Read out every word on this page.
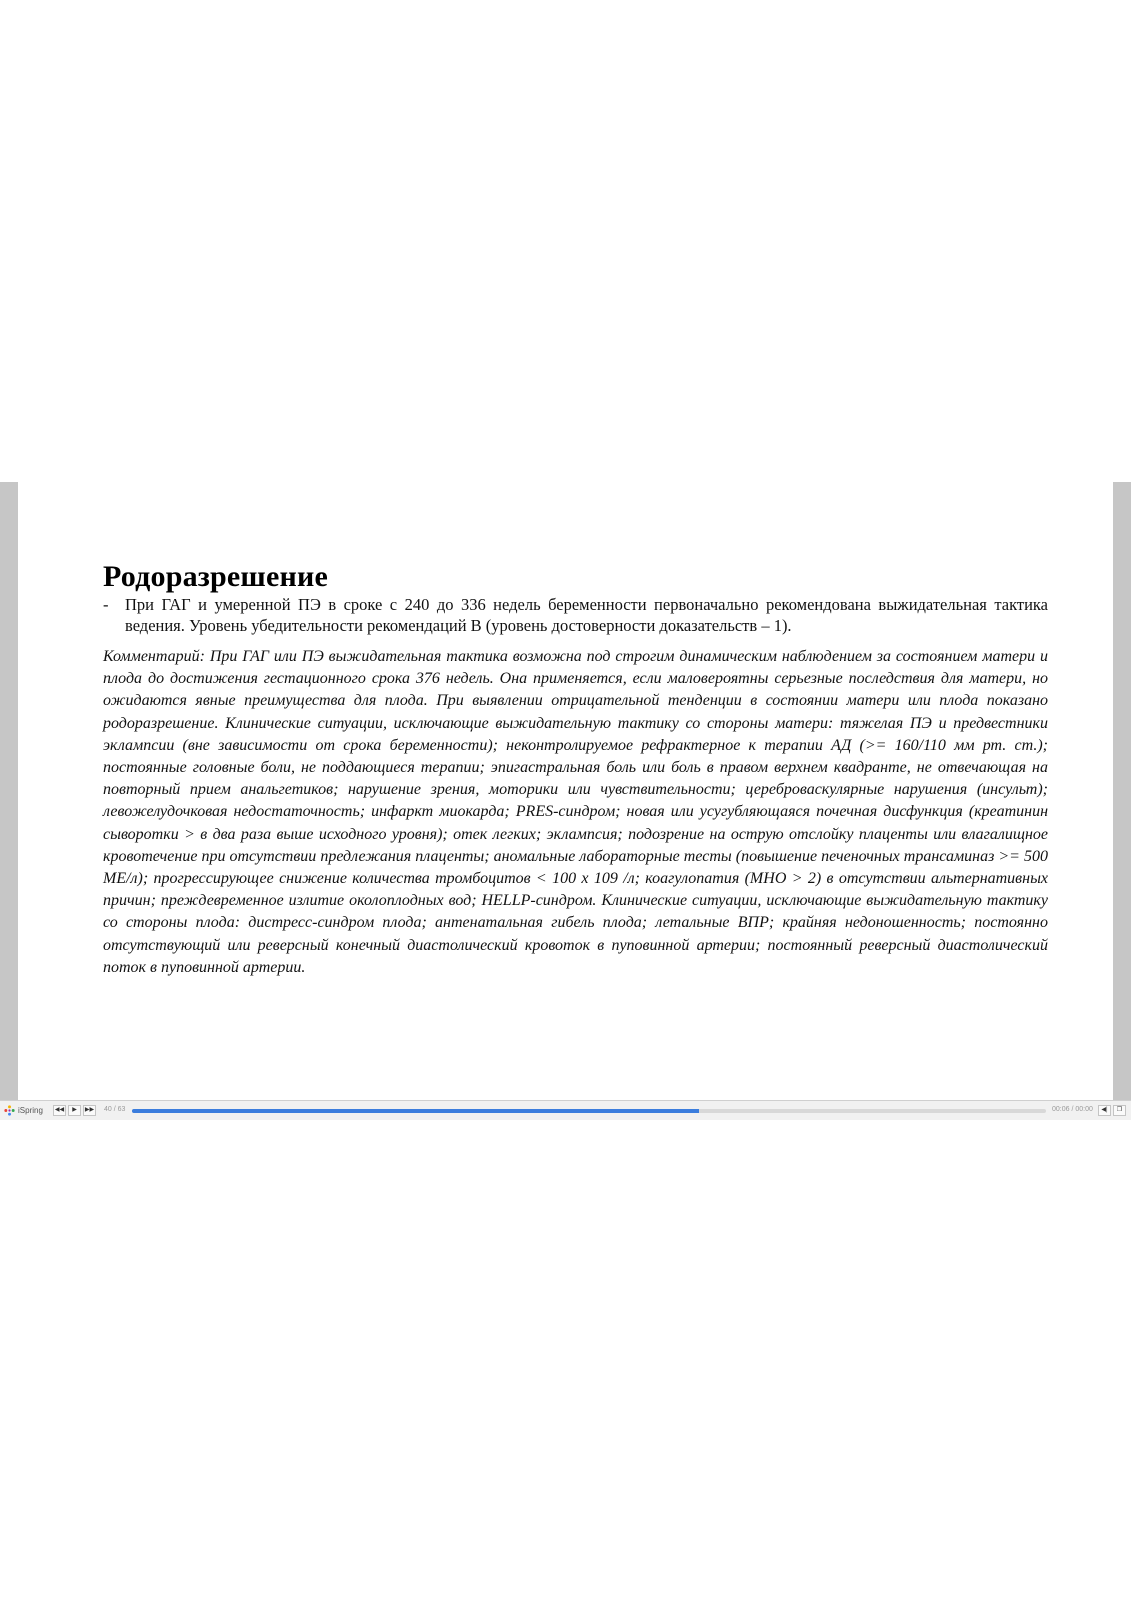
Родоразрешение
-	При ГАГ и умеренной ПЭ в сроке с 240 до 336 недель беременности первоначально рекомендована выжидательная тактика ведения. Уровень убедительности рекомендаций В (уровень достоверности доказательств – 1).
Комментарий: При ГАГ или ПЭ выжидательная тактика возможна под строгим динамическим наблюдением за состоянием матери и плода до достижения гестационного срока 376 недель. Она применяется, если маловероятны серьезные последствия для матери, но ожидаются явные преимущества для плода. При выявлении отрицательной тенденции в состоянии матери или плода показано родоразрешение. Клинические ситуации, исключающие выжидательную тактику со стороны матери: тяжелая ПЭ и предвестники эклампсии (вне зависимости от срока беременности); неконтролируемое рефрактерное к терапии АД (>= 160/110 мм рт. ст.); постоянные головные боли, не поддающиеся терапии; эпигастральная боль или боль в правом верхнем квадранте, не отвечающая на повторный прием анальгетиков; нарушение зрения, моторики или чувствительности; цереброваскулярные нарушения (инсульт); левожелудочковая недостаточность; инфаркт миокарда; PRES-синдром; новая или усугубляющаяся почечная дисфункция (креатинин сыворотки > в два раза выше исходного уровня); отек легких; эклампсия; подозрение на острую отслойку плаценты или влагалищное кровотечение при отсутствии предлежания плаценты; аномальные лабораторные тесты (повышение печеночных трансаминаз >= 500 МЕ/л); прогрессирующее снижение количества тромбоцитов < 100 х 109 /л; коагулопатия (МНО > 2) в отсутствии альтернативных причин; преждевременное излитие околоплодных вод; HELLP-синдром. Клинические ситуации, исключающие выжидательную тактику со стороны плода: дистресс-синдром плода; антенатальная гибель плода; летальные ВПР; крайняя недоношенность; постоянно отсутствующий или реверсный конечный диастолический кровоток в пуповинной артерии; постоянный реверсный диастолический поток в пуповинной артерии.
iSpring	◀◀	▶	▶▶ 40 / 63	00:06 / 00:00	◀|	❐
